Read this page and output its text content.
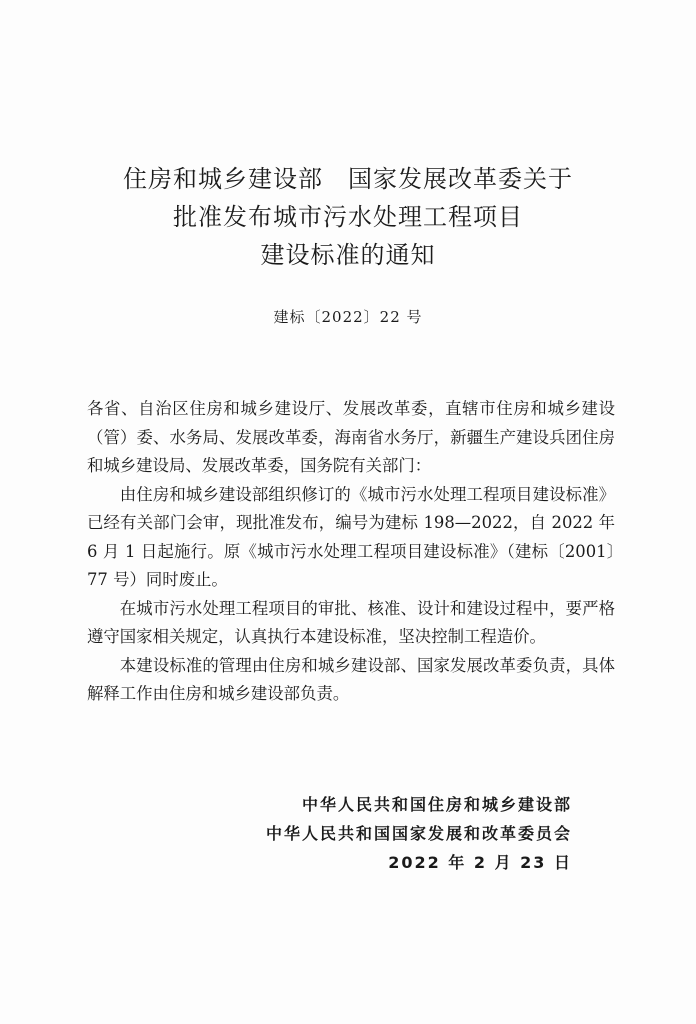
住房和城乡建设部　国家发展改革委关于
批准发布城市污水处理工程项目
建设标准的通知
建标〔2022〕22 号

各省、自治区住房和城乡建设厅、发展改革委，直辖市住房和城乡建设（管）委、水务局、发展改革委，海南省水务厅，新疆生产建设兵团住房和城乡建设局、发展改革委，国务院有关部门：

由住房和城乡建设部组织修订的《城市污水处理工程项目建设标准》已经有关部门会审，现批准发布，编号为建标 198—2022，自 2022 年 6 月 1 日起施行。原《城市污水处理工程项目建设标准》（建标〔2001〕77 号）同时废止。

在城市污水处理工程项目的审批、核准、设计和建设过程中，要严格遵守国家相关规定，认真执行本建设标准，坚决控制工程造价。

本建设标准的管理由住房和城乡建设部、国家发展改革委负责，具体解释工作由住房和城乡建设部负责。

中华人民共和国住房和城乡建设部
中华人民共和国国家发展和改革委员会
2022 年 2 月 23 日
